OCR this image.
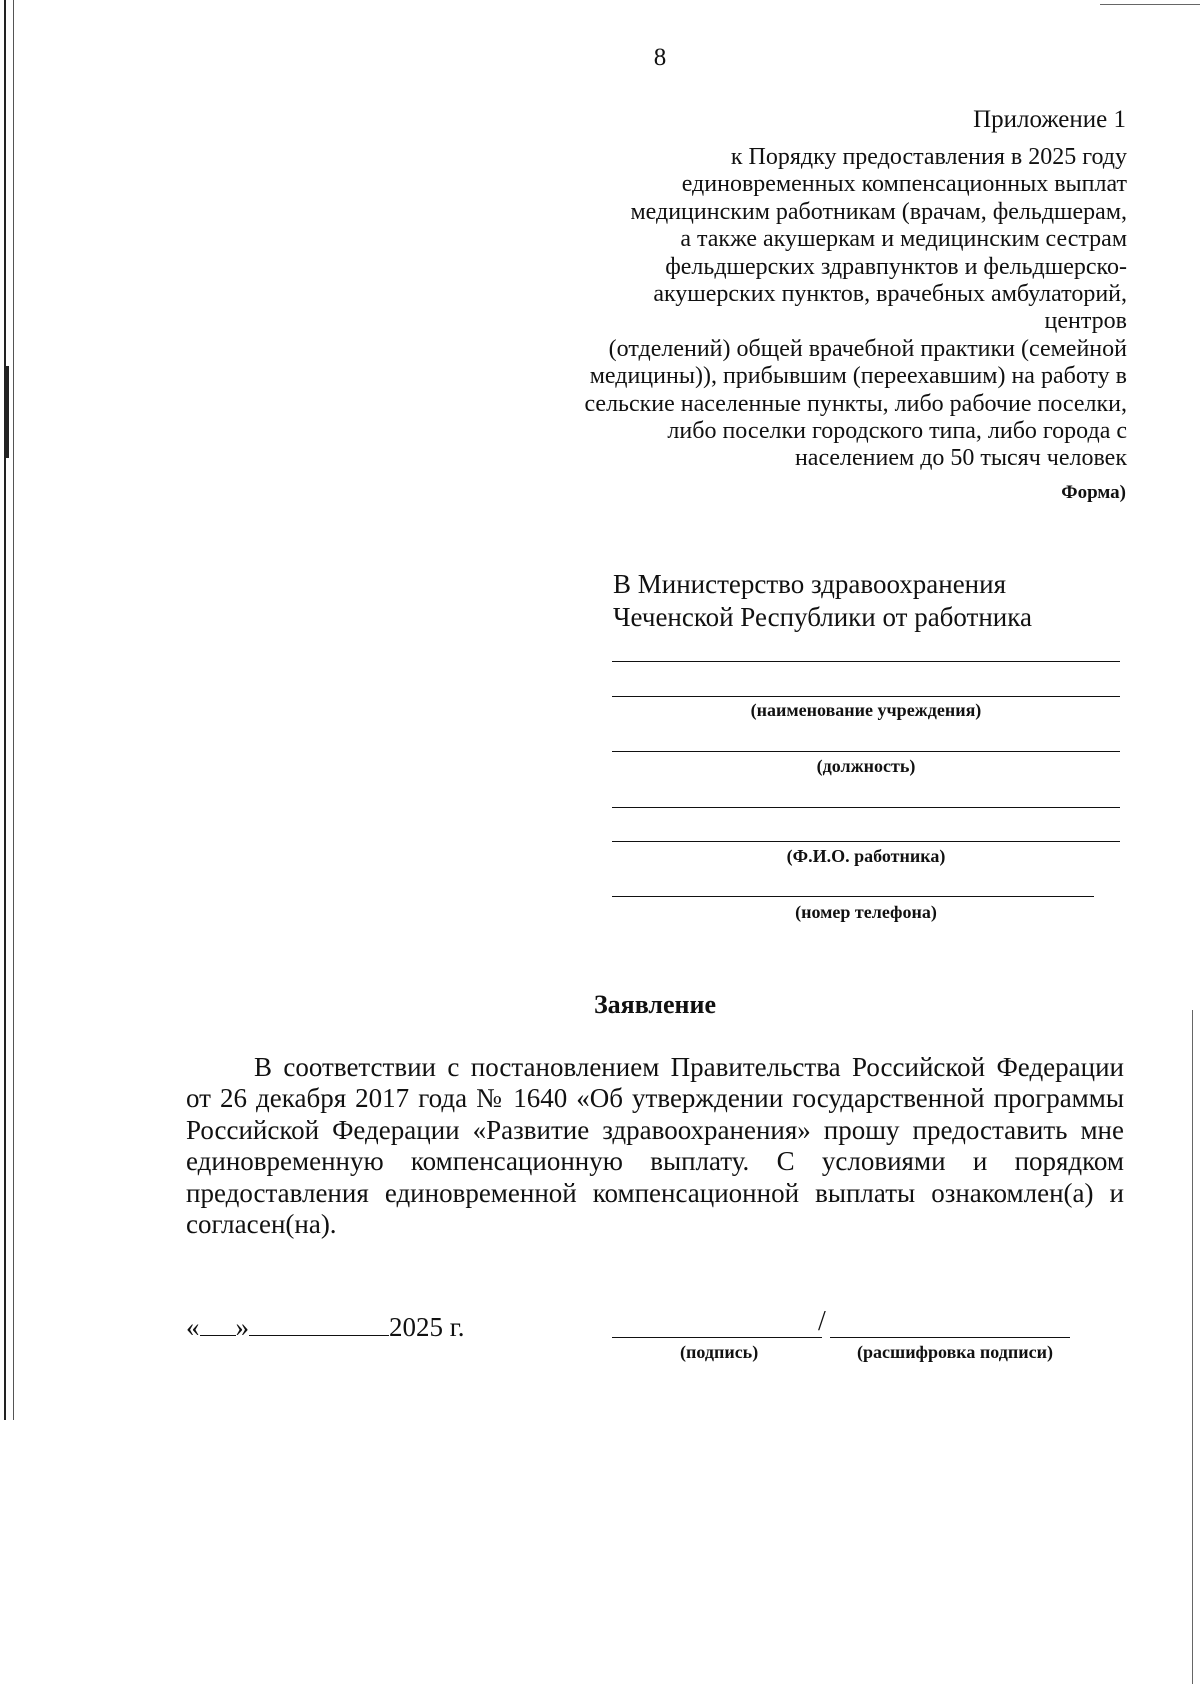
8
Приложение 1
к Порядку предоставления в 2025 году
единовременных компенсационных выплат
медицинским работникам (врачам, фельдшерам,
а также акушеркам и медицинским сестрам
фельдшерских здравпунктов и фельдшерско-
акушерских пунктов, врачебных амбулаторий, центров
(отделений) общей врачебной практики (семейной
медицины)), прибывшим (переехавшим) на работу в
сельские населенные пункты, либо рабочие поселки,
либо поселки городского типа, либо города с
населением до 50 тысяч человек
Форма)
В Министерство здравоохранения
Чеченской Республики от работника
(наименование учреждения)
(должность)
(Ф.И.О. работника)
(номер телефона)
Заявление
В соответствии с постановлением Правительства Российской Федерации от 26 декабря 2017 года № 1640 «Об утверждении государственной программы Российской Федерации «Развитие здравоохранения» прошу предоставить мне единовременную компенсационную выплату. С условиями и порядком предоставления единовременной компенсационной выплаты ознакомлен(а) и согласен(на).
« »	2025 г.	/
(подпись)	(расшифровка подписи)
